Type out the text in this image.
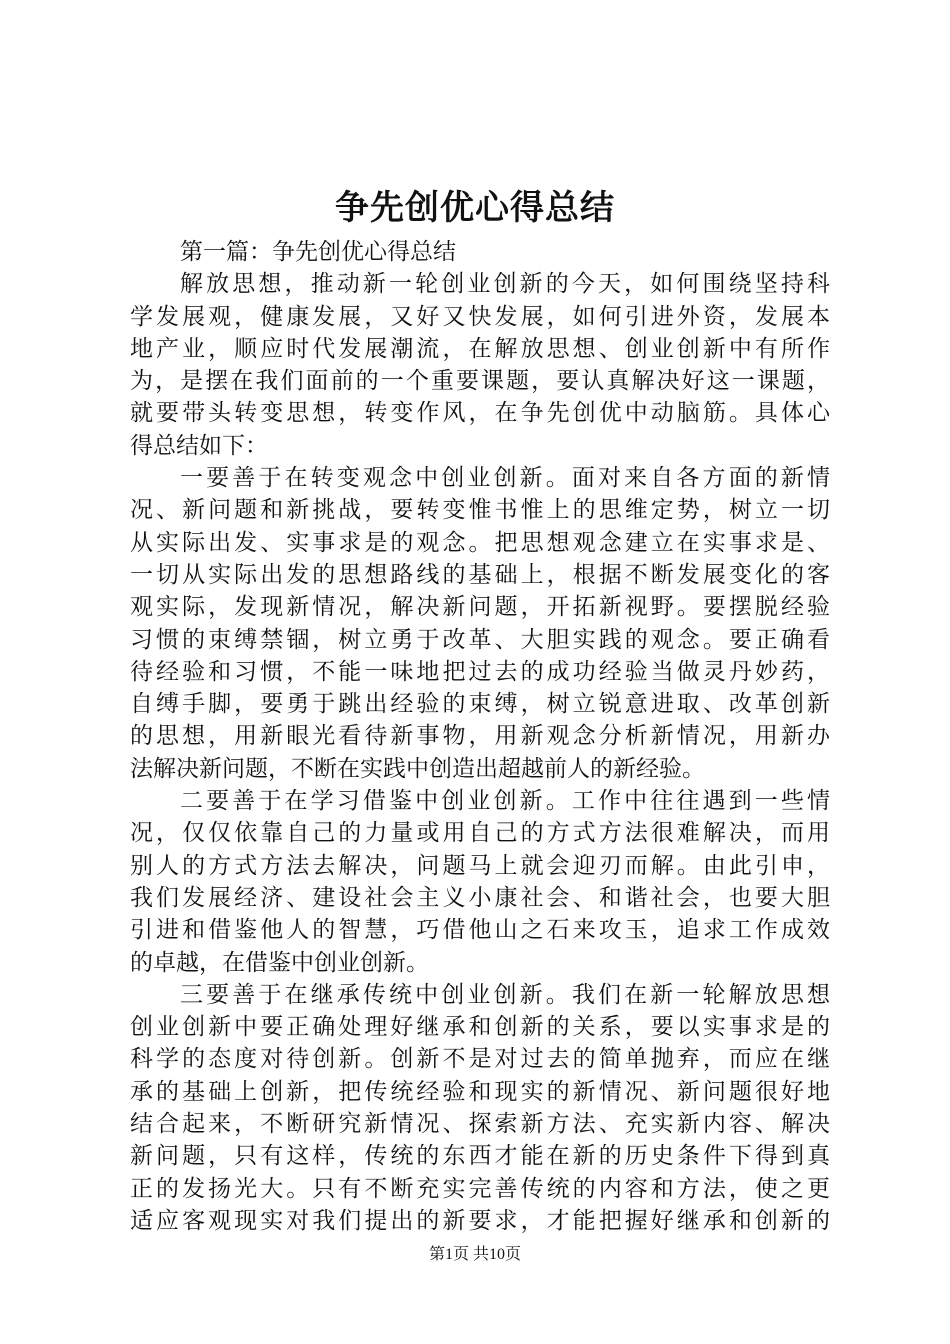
争先创优心得总结
第一篇：争先创优心得总结
解放思想，推动新一轮创业创新的今天，如何围绕坚持科
学发展观，健康发展，又好又快发展，如何引进外资，发展本
地产业，顺应时代发展潮流，在解放思想、创业创新中有所作
为，是摆在我们面前的一个重要课题，要认真解决好这一课题，
就要带头转变思想，转变作风，在争先创优中动脑筋。具体心
得总结如下：
一要善于在转变观念中创业创新。面对来自各方面的新情
况、新问题和新挑战，要转变惟书惟上的思维定势，树立一切
从实际出发、实事求是的观念。把思想观念建立在实事求是、
一切从实际出发的思想路线的基础上，根据不断发展变化的客
观实际，发现新情况，解决新问题，开拓新视野。要摆脱经验
习惯的束缚禁锢，树立勇于改革、大胆实践的观念。要正确看
待经验和习惯，不能一味地把过去的成功经验当做灵丹妙药，
自缚手脚，要勇于跳出经验的束缚，树立锐意进取、改革创新
的思想，用新眼光看待新事物，用新观念分析新情况，用新办
法解决新问题，不断在实践中创造出超越前人的新经验。
二要善于在学习借鉴中创业创新。工作中往往遇到一些情
况，仅仅依靠自己的力量或用自己的方式方法很难解决，而用
别人的方式方法去解决，问题马上就会迎刃而解。由此引申，
我们发展经济、建设社会主义小康社会、和谐社会，也要大胆
引进和借鉴他人的智慧，巧借他山之石来攻玉，追求工作成效
的卓越，在借鉴中创业创新。
三要善于在继承传统中创业创新。我们在新一轮解放思想
创业创新中要正确处理好继承和创新的关系，要以实事求是的
科学的态度对待创新。创新不是对过去的简单抛弃，而应在继
承的基础上创新，把传统经验和现实的新情况、新问题很好地
结合起来，不断研究新情况、探索新方法、充实新内容、解决
新问题，只有这样，传统的东西才能在新的历史条件下得到真
正的发扬光大。只有不断充实完善传统的内容和方法，使之更
适应客观现实对我们提出的新要求，才能把握好继承和创新的
第1页 共10页
